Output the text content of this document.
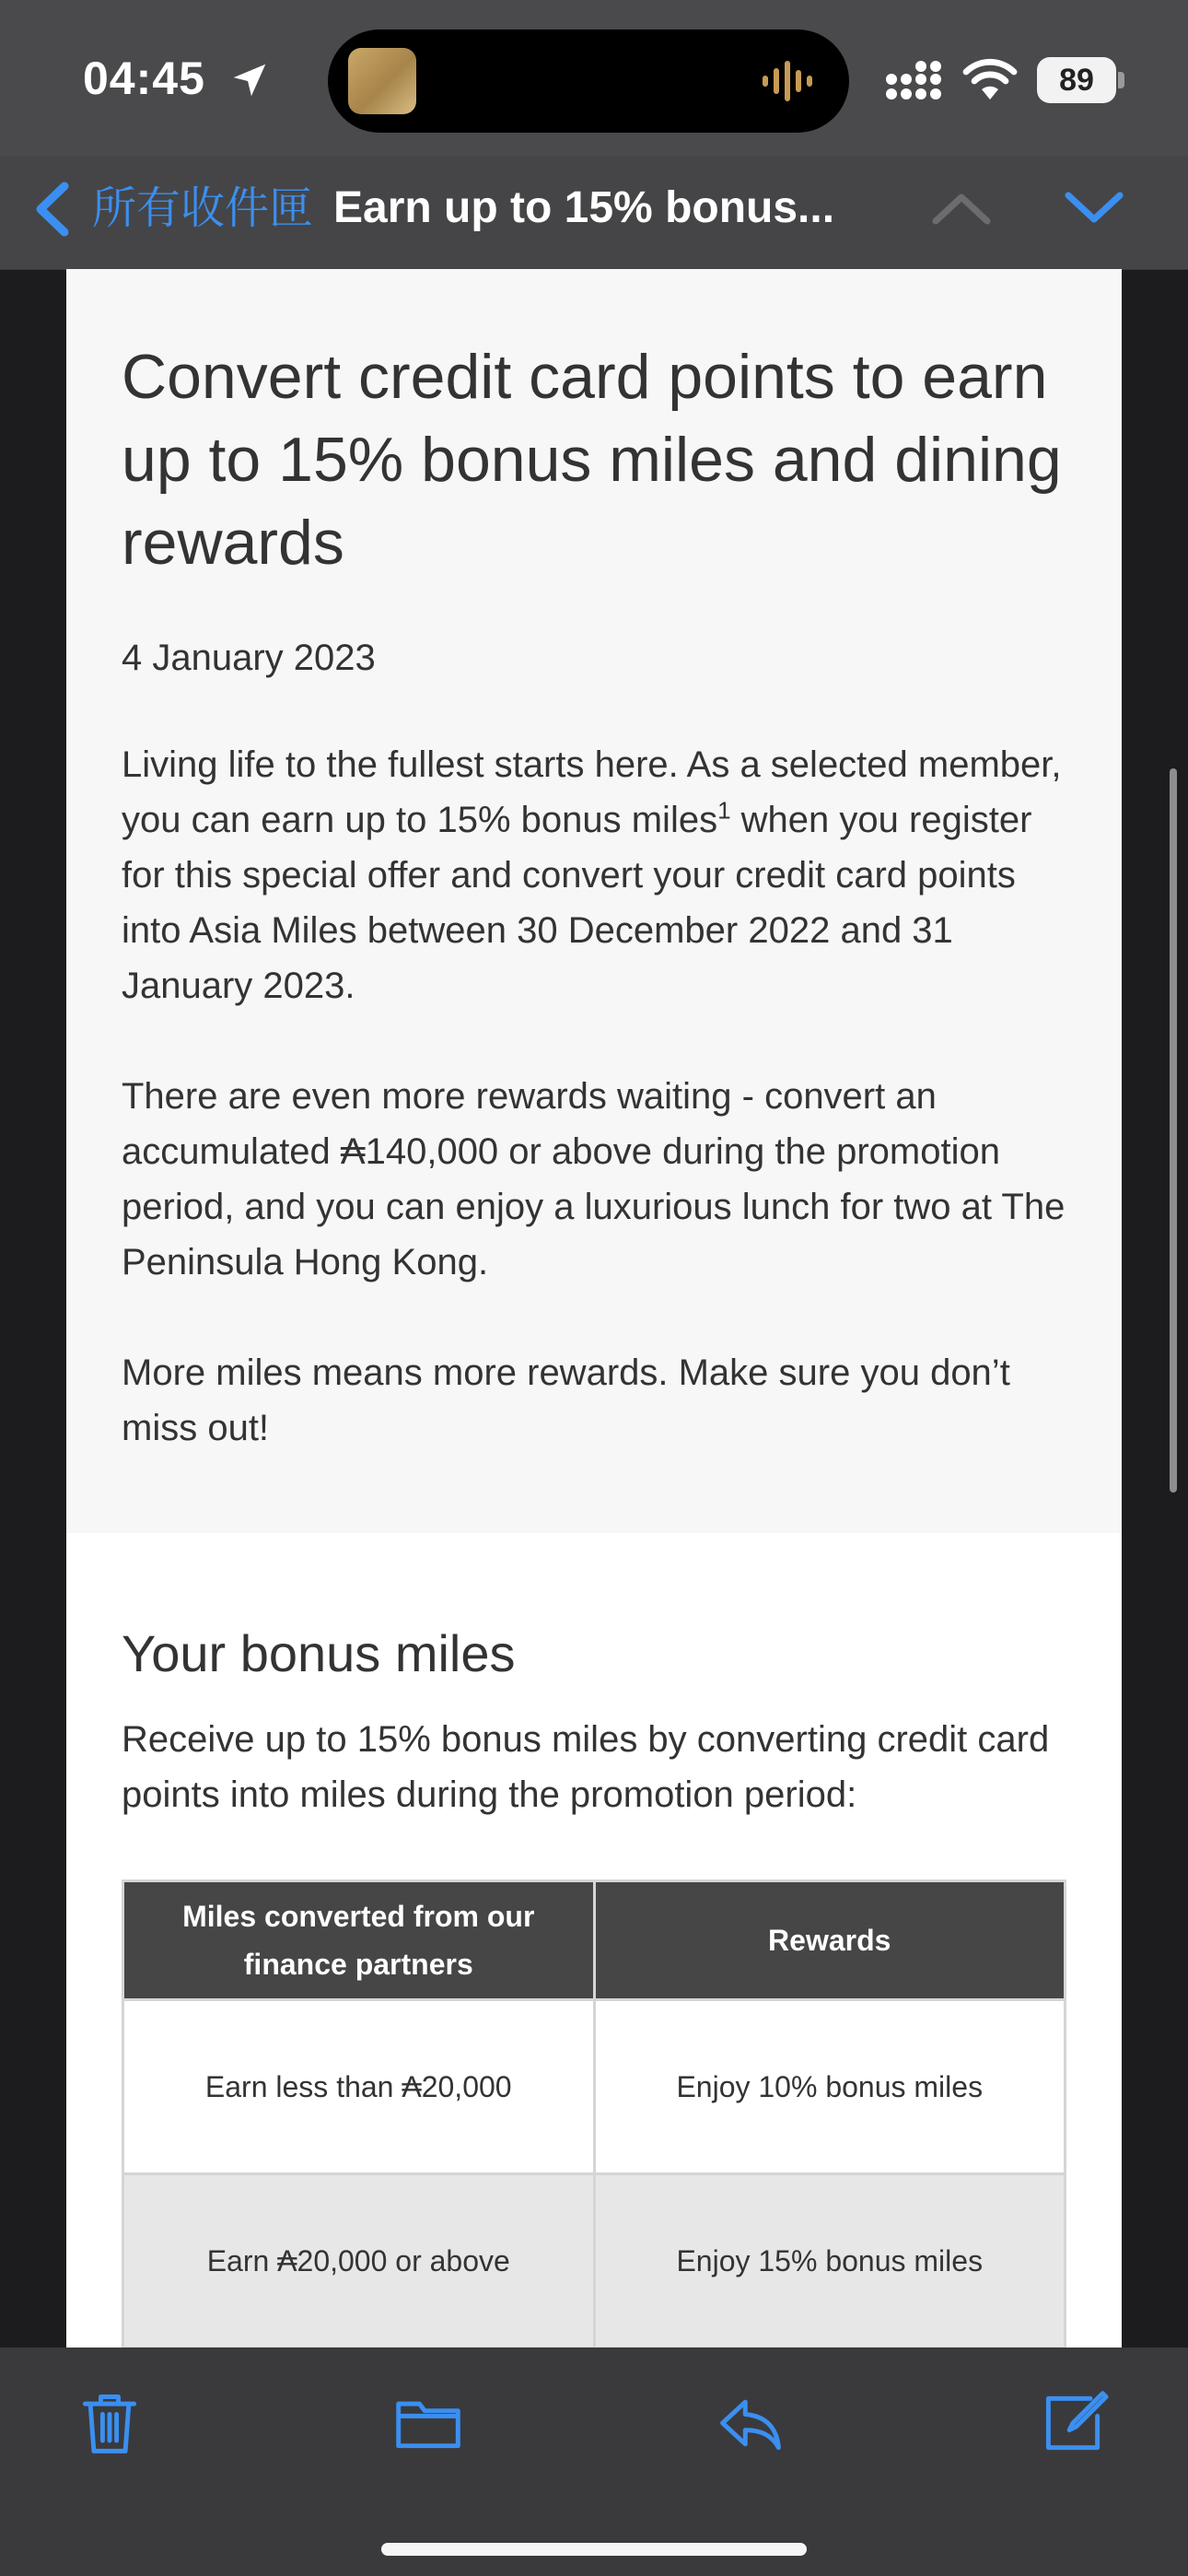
04:45	89
所有收件匣 Earn up to 15% bonus...
Convert credit card points to earn up to 15% bonus miles and dining rewards

4 January 2023

Living life to the fullest starts here. As a selected member, you can earn up to 15% bonus miles$^1$ when you register for this special offer and convert your credit card points into Asia Miles between 30 December 2022 and 31 January 2023.

There are even more rewards waiting - convert an accumulated ₳140,000 or above during the promotion period, and you can enjoy a luxurious lunch for two at The Peninsula Hong Kong.

More miles means more rewards. Make sure you don’t miss out!

Your bonus miles

Receive up to 15% bonus miles by converting credit card points into miles during the promotion period:

Miles converted from our finance partners	Rewards
Earn less than ₳20,000	Enjoy 10% bonus miles
Earn ₳20,000 or above	Enjoy 15% bonus miles
